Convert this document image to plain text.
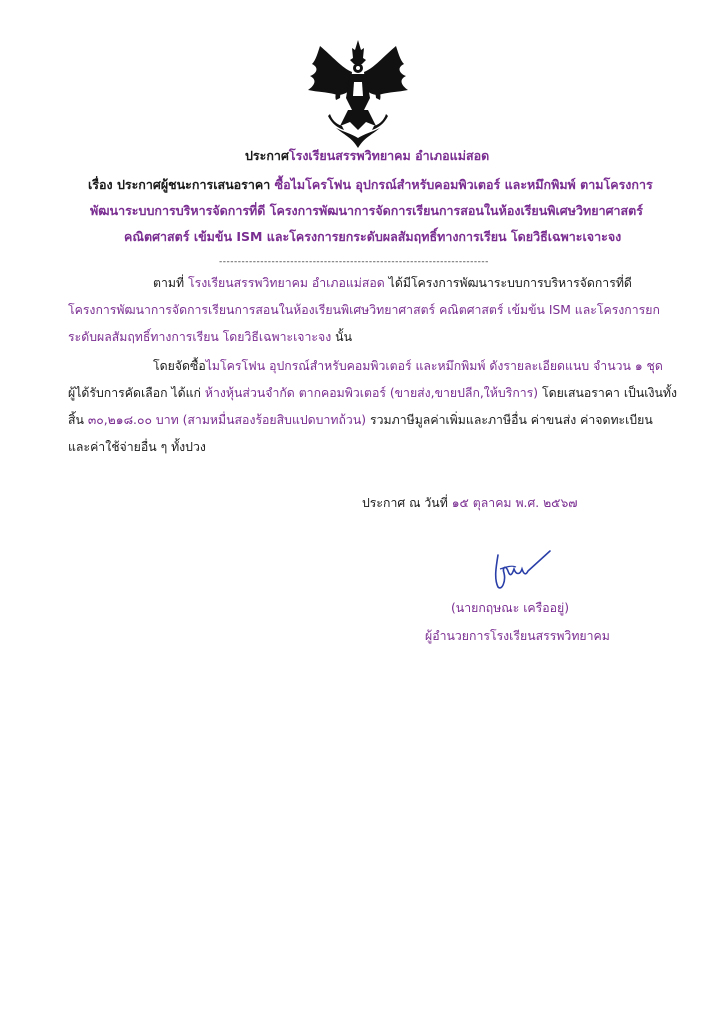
ประกาศโรงเรียนสรรพวิทยาคม อำเภอแม่สอด
เรื่อง ประกาศผู้ชนะการเสนอราคา ซื้อไมโครโฟน อุปกรณ์สำหรับคอมพิวเตอร์ และหมึกพิมพ์ ตามโครงการ
พัฒนาระบบการบริหารจัดการที่ดี โครงการพัฒนาการจัดการเรียนการสอนในห้องเรียนพิเศษวิทยาศาสตร์
คณิตศาสตร์ เข้มข้น ISM และโครงการยกระดับผลสัมฤทธิ์ทางการเรียน โดยวิธีเฉพาะเจาะจง
------------------------------------------------------------------------
ตามที่ โรงเรียนสรรพวิทยาคม อำเภอแม่สอด ได้มีโครงการพัฒนาระบบการบริหารจัดการที่ดี
โครงการพัฒนาการจัดการเรียนการสอนในห้องเรียนพิเศษวิทยาศาสตร์ คณิตศาสตร์ เข้มข้น ISM และโครงการยก
ระดับผลสัมฤทธิ์ทางการเรียน โดยวิธีเฉพาะเจาะจง นั้น
โดยจัดซื้อไมโครโฟน อุปกรณ์สำหรับคอมพิวเตอร์ และหมึกพิมพ์ ดังรายละเอียดแนบ จำนวน ๑ ชุด
ผู้ได้รับการคัดเลือก ได้แก่ ห้างหุ้นส่วนจำกัด ตากคอมพิวเตอร์ (ขายส่ง,ขายปลีก,ให้บริการ) โดยเสนอราคา เป็นเงินทั้ง
สิ้น ๓๐,๒๑๘.๐๐ บาท (สามหมื่นสองร้อยสิบแปดบาทถ้วน) รวมภาษีมูลค่าเพิ่มและภาษีอื่น ค่าขนส่ง ค่าจดทะเบียน
และค่าใช้จ่ายอื่น ๆ ทั้งปวง
ประกาศ ณ วันที่ ๑๕ ตุลาคม พ.ศ. ๒๕๖๗
(นายกฤษณะ เครืออยู่)
ผู้อำนวยการโรงเรียนสรรพวิทยาคม
